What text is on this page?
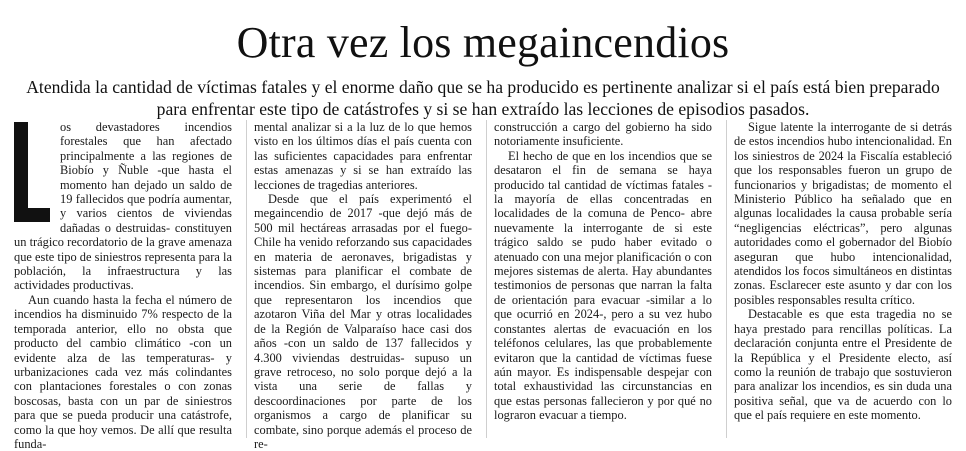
Otra vez los megaincendios

Atendida la cantidad de víctimas fatales y el enorme daño que se ha producido es pertinente analizar si el país está bien preparado para enfrentar este tipo de catástrofes y si se han extraído las lecciones de episodios pasados.

os devastadores incendios forestales que han afectado principalmente a las regiones de Biobío y Ñuble -que hasta el momento han dejado un saldo de 19 fallecidos que podría aumentar, y varios cientos de viviendas dañadas o destruidas- constituyen un trágico recordatorio de la grave amenaza que este tipo de siniestros representa para la población, la infraestructura y las actividades productivas.

Aun cuando hasta la fecha el número de incendios ha disminuido 7% respecto de la temporada anterior, ello no obsta que producto del cambio climático -con un evidente alza de las temperaturas- y urbanizaciones cada vez más colindantes con plantaciones forestales o con zonas boscosas, basta con un par de siniestros para que se pueda producir una catástrofe, como la que hoy vemos. De allí que resulta funda-

mental analizar si a la luz de lo que hemos visto en los últimos días el país cuenta con las suficientes capacidades para enfrentar estas amenazas y si se han extraído las lecciones de tragedias anteriores.

Desde que el país experimentó el megaincendio de 2017 -que dejó más de 500 mil hectáreas arrasadas por el fuego- Chile ha venido reforzando sus capacidades en materia de aeronaves, brigadistas y sistemas para planificar el combate de incendios. Sin embargo, el durísimo golpe que representaron los incendios que azotaron Viña del Mar y otras localidades de la Región de Valparaíso hace casi dos años -con un saldo de 137 fallecidos y 4.300 viviendas destruidas- supuso un grave retroceso, no solo porque dejó a la vista una serie de fallas y descoordinaciones por parte de los organismos a cargo de planificar su combate, sino porque además el proceso de re-

construcción a cargo del gobierno ha sido notoriamente insuficiente.

El hecho de que en los incendios que se desataron el fin de semana se haya producido tal cantidad de víctimas fatales -la mayoría de ellas concentradas en localidades de la comuna de Penco- abre nuevamente la interrogante de si este trágico saldo se pudo haber evitado o atenuado con una mejor planificación o con mejores sistemas de alerta. Hay abundantes testimonios de personas que narran la falta de orientación para evacuar -similar a lo que ocurrió en 2024-, pero a su vez hubo constantes alertas de evacuación en los teléfonos celulares, las que probablemente evitaron que la cantidad de víctimas fuese aún mayor. Es indispensable despejar con total exhaustividad las circunstancias en que estas personas fallecieron y por qué no lograron evacuar a tiempo.

Sigue latente la interrogante de si detrás de estos incendios hubo intencionalidad. En los siniestros de 2024 la Fiscalía estableció que los responsables fueron un grupo de funcionarios y brigadistas; de momento el Ministerio Público ha señalado que en algunas localidades la causa probable sería “negligencias eléctricas”, pero algunas autoridades como el gobernador del Biobío aseguran que hubo intencionalidad, atendidos los focos simultáneos en distintas zonas. Esclarecer este asunto y dar con los posibles responsables resulta crítico.

Destacable es que esta tragedia no se haya prestado para rencillas políticas. La declaración conjunta entre el Presidente de la República y el Presidente electo, así como la reunión de trabajo que sostuvieron para analizar los incendios, es sin duda una positiva señal, que va de acuerdo con lo que el país requiere en este momento.
